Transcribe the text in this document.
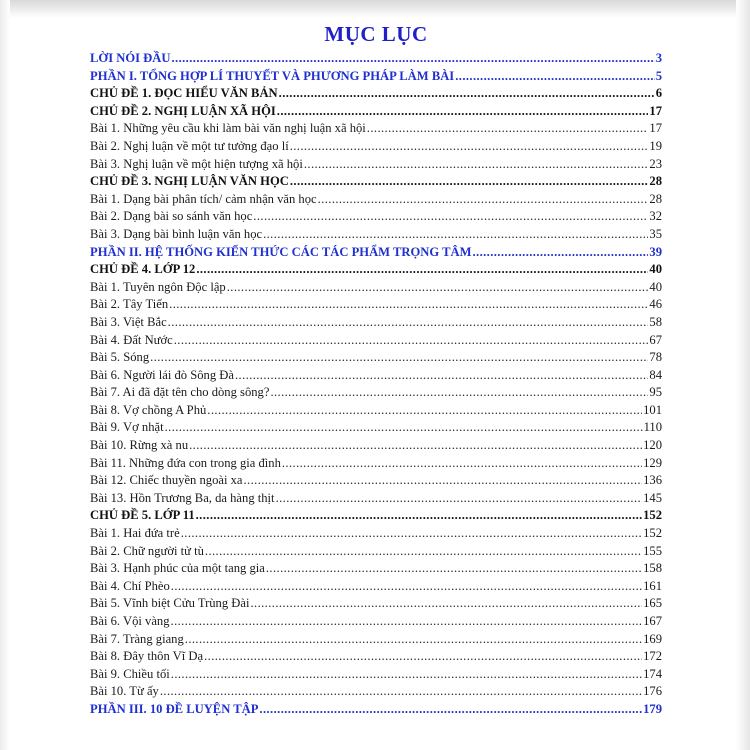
MỤC LỤC
LỜI NÓI ĐẦU .....	3
PHẦN I. TỔNG HỢP LÍ THUYẾT VÀ PHƯƠNG PHÁP LÀM BÀI .....	5
CHỦ ĐỀ 1. ĐỌC HIỂU VĂN BẢN .....	6
CHỦ ĐỀ 2. NGHỊ LUẬN XÃ HỘI .....	17
Bài 1. Những yêu cầu khi làm bài văn nghị luận xã hội .....	17
Bài 2. Nghị luận về một tư tưởng đạo lí .....	19
Bài 3. Nghị luận về một hiện tượng xã hội .....	23
CHỦ ĐỀ 3. NGHỊ LUẬN VĂN HỌC .....	28
Bài 1. Dạng bài phân tích/ cảm nhận văn học .....	28
Bài 2. Dạng bài so sánh văn học .....	32
Bài 3. Dạng bài bình luận văn học .....	35
PHẦN II. HỆ THỐNG KIẾN THỨC CÁC TÁC PHẨM TRỌNG TÂM .....	39
CHỦ ĐỀ 4. LỚP 12 .....	40
Bài 1. Tuyên ngôn Độc lập .....	40
Bài 2. Tây Tiến .....	46
Bài 3. Việt Bắc .....	58
Bài 4. Đất Nước .....	67
Bài 5. Sóng .....	78
Bài 6. Người lái đò Sông Đà .....	84
Bài 7. Ai đã đặt tên cho dòng sông? .....	95
Bài 8. Vợ chồng A Phủ .....	101
Bài 9. Vợ nhặt .....	110
Bài 10. Rừng xà nu .....	120
Bài 11. Những đứa con trong gia đình .....	129
Bài 12. Chiếc thuyền ngoài xa .....	136
Bài 13. Hồn Trương Ba, da hàng thịt .....	145
CHỦ ĐỀ 5. LỚP 11 .....	152
Bài 1. Hai đứa trẻ .....	152
Bài 2. Chữ người tử tù .....	155
Bài 3. Hạnh phúc của một tang gia .....	158
Bài 4. Chí Phèo .....	161
Bài 5. Vĩnh biệt Cửu Trùng Đài .....	165
Bài 6. Vội vàng .....	167
Bài 7. Tràng giang .....	169
Bài 8. Đây thôn Vĩ Dạ .....	172
Bài 9. Chiều tối .....	174
Bài 10. Từ ấy .....	176
PHẦN III. 10 ĐỀ LUYỆN TẬP .....	179
